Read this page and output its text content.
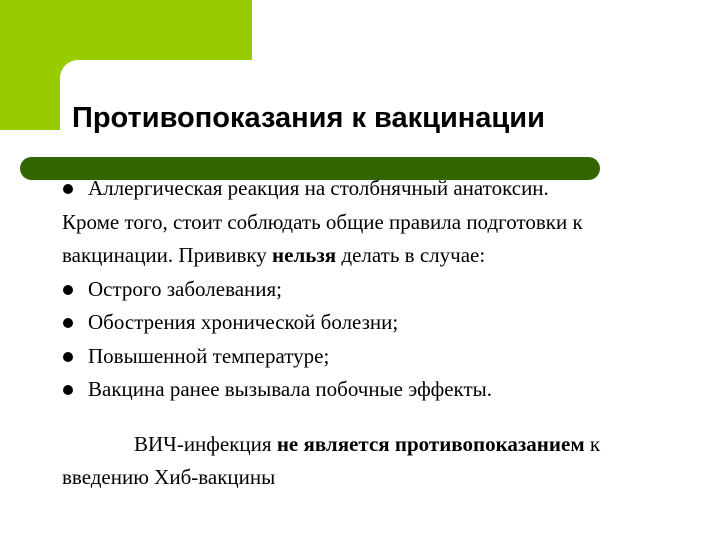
Противопоказания к вакцинации
Аллергическая реакция на столбнячный анатоксин.
Кроме того, стоит соблюдать общие правила подготовки к
вакцинации. Прививку нельзя делать в случае:
Острого заболевания;
Обострения хронической болезни;
Повышенной температуре;
Вакцина ранее вызывала побочные эффекты.
ВИЧ-инфекция не является противопоказанием к
введению Хиб-вакцины
